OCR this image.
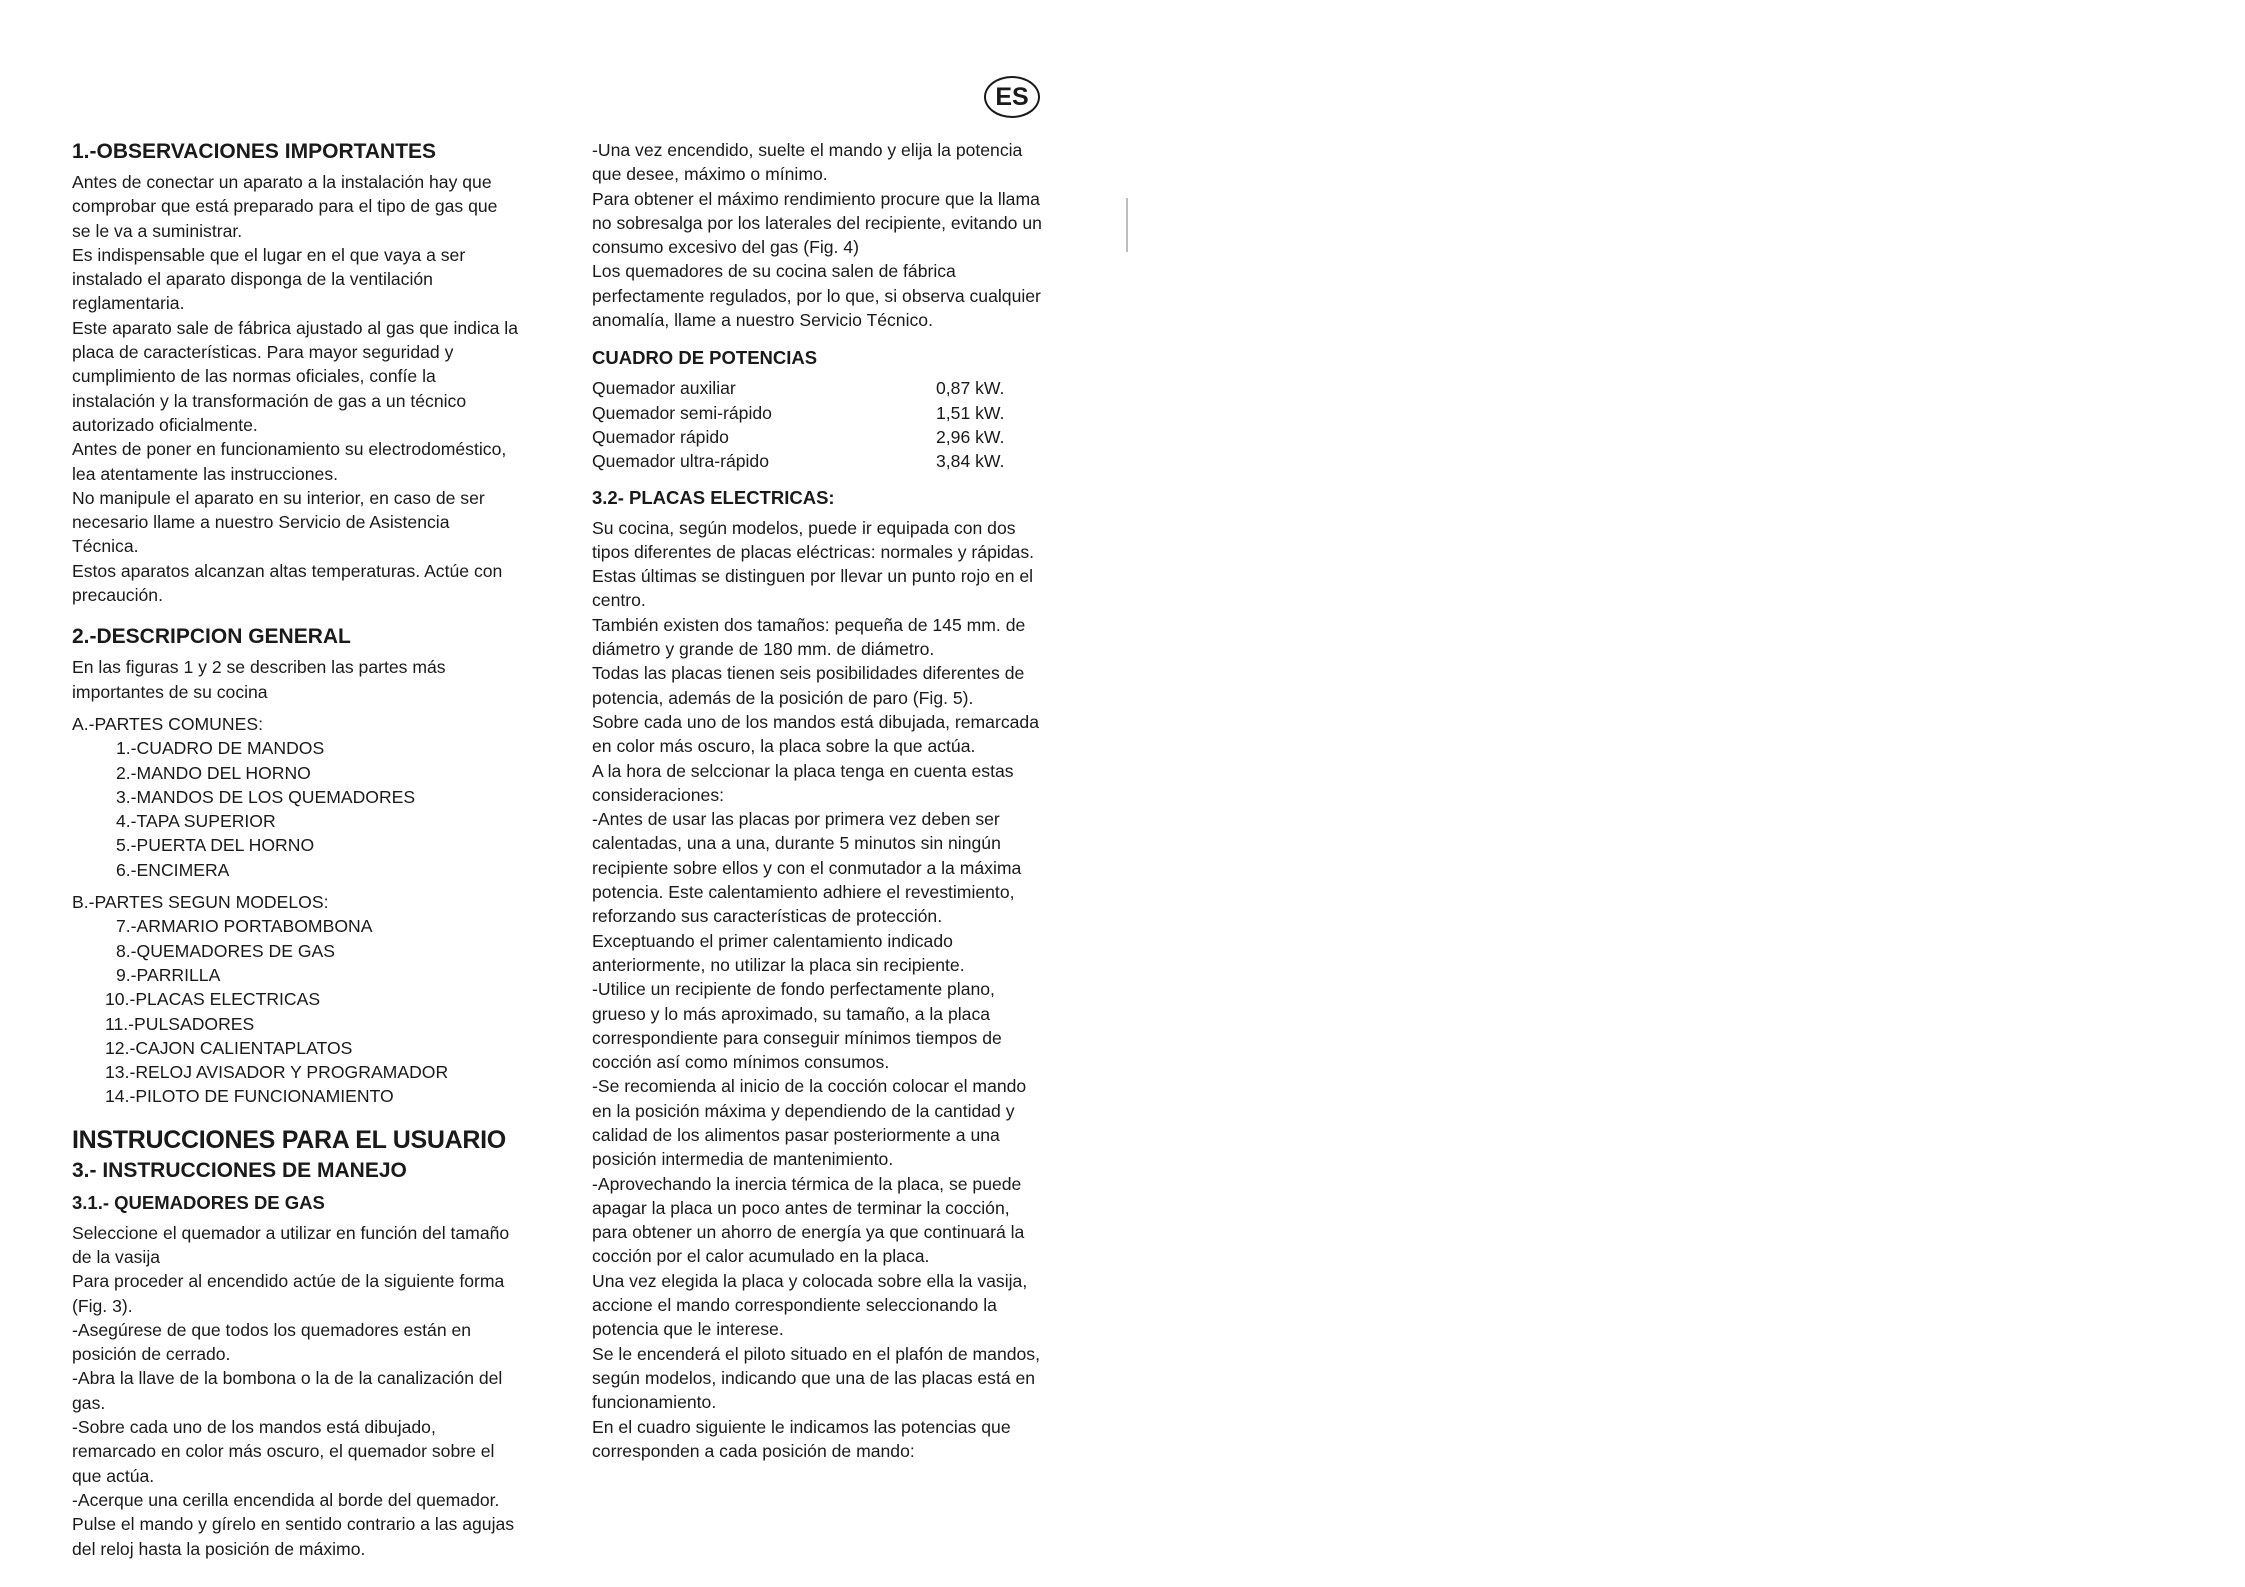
ES
1.-OBSERVACIONES IMPORTANTES

Antes de conectar un aparato a la instalación hay que comprobar que está preparado para el tipo de gas que se le va a suministrar.

Es indispensable que el lugar en el que vaya a ser instalado el aparato disponga de la ventilación reglamentaria.

Este aparato sale de fábrica ajustado al gas que indica la placa de características. Para mayor seguridad y cumplimiento de las normas oficiales, confíe la instalación y la transformación de gas a un técnico autorizado oficialmente.

Antes de poner en funcionamiento su electrodoméstico, lea atentamente las instrucciones.

No manipule el aparato en su interior, en caso de ser necesario llame a nuestro Servicio de Asistencia Técnica.

Estos aparatos alcanzan altas temperaturas. Actúe con precaución.

2.-DESCRIPCION GENERAL

En las figuras 1 y 2 se describen las partes más importantes de su cocina

A.-PARTES COMUNES:

1.-CUADRO DE MANDOS

2.-MANDO DEL HORNO

3.-MANDOS DE LOS QUEMADORES

4.-TAPA SUPERIOR

5.-PUERTA DEL HORNO

6.-ENCIMERA

B.-PARTES SEGUN MODELOS:

7.-ARMARIO PORTABOMBONA

8.-QUEMADORES DE GAS

9.-PARRILLA

10.-PLACAS ELECTRICAS

11.-PULSADORES

12.-CAJON CALIENTAPLATOS

13.-RELOJ AVISADOR Y PROGRAMADOR

14.-PILOTO DE FUNCIONAMIENTO

INSTRUCCIONES PARA EL USUARIO
3.- INSTRUCCIONES DE MANEJO
3.1.- QUEMADORES DE GAS

Seleccione el quemador a utilizar en función del tamaño de la vasija

Para proceder al encendido actúe de la siguiente forma (Fig. 3).

-Asegúrese de que todos los quemadores están en posición de cerrado.

-Abra la llave de la bombona o la de la canalización del gas.

-Sobre cada uno de los mandos está dibujado, remarcado en color más oscuro, el quemador sobre el que actúa.

-Acerque una cerilla encendida al borde del quemador. Pulse el mando y gírelo en sentido contrario a las agujas del reloj hasta la posición de máximo.

-Una vez encendido, suelte el mando y elija la potencia que desee, máximo o mínimo.

Para obtener el máximo rendimiento procure que la llama no sobresalga por los laterales del recipiente, evitando un consumo excesivo del gas (Fig. 4)

Los quemadores de su cocina salen de fábrica perfectamente regulados, por lo que, si observa cualquier anomalía, llame a nuestro Servicio Técnico.

CUADRO DE POTENCIAS
Quemador auxiliar	0,87 kW.
Quemador semi-rápido	1,51 kW.
Quemador rápido	2,96 kW.
Quemador ultra-rápido	3,84 kW.
3.2- PLACAS ELECTRICAS:

Su cocina, según modelos, puede ir equipada con dos tipos diferentes de placas eléctricas: normales y rápidas.

Estas últimas se distinguen por llevar un punto rojo en el centro.

También existen dos tamaños: pequeña de 145 mm. de diámetro y grande de 180 mm. de diámetro.

Todas las placas tienen seis posibilidades diferentes de potencia, además de la posición de paro (Fig. 5).

Sobre cada uno de los mandos está dibujada, remarcada en color más oscuro, la placa sobre la que actúa.

A la hora de selccionar la placa tenga en cuenta estas consideraciones:

-Antes de usar las placas por primera vez deben ser calentadas, una a una, durante 5 minutos sin ningún recipiente sobre ellos y con el conmutador a la máxima potencia. Este calentamiento adhiere el revestimiento, reforzando sus características de protección.

Exceptuando el primer calentamiento indicado anteriormente, no utilizar la placa sin recipiente.

-Utilice un recipiente de fondo perfectamente plano, grueso y lo más aproximado, su tamaño, a la placa correspondiente para conseguir mínimos tiempos de cocción así como mínimos consumos.

-Se recomienda al inicio de la cocción colocar el mando en la posición máxima y dependiendo de la cantidad y calidad de los alimentos pasar posteriormente a una posición intermedia de mantenimiento.

-Aprovechando la inercia térmica de la placa, se puede apagar la placa un poco antes de terminar la cocción, para obtener un ahorro de energía ya que continuará la cocción por el calor acumulado en la placa.

Una vez elegida la placa y colocada sobre ella la vasija, accione el mando correspondiente seleccionando la potencia que le interese.

Se le encenderá el piloto situado en el plafón de mandos, según modelos, indicando que una de las placas está en funcionamiento.

En el cuadro siguiente le indicamos las potencias que corresponden a cada posición de mando:
